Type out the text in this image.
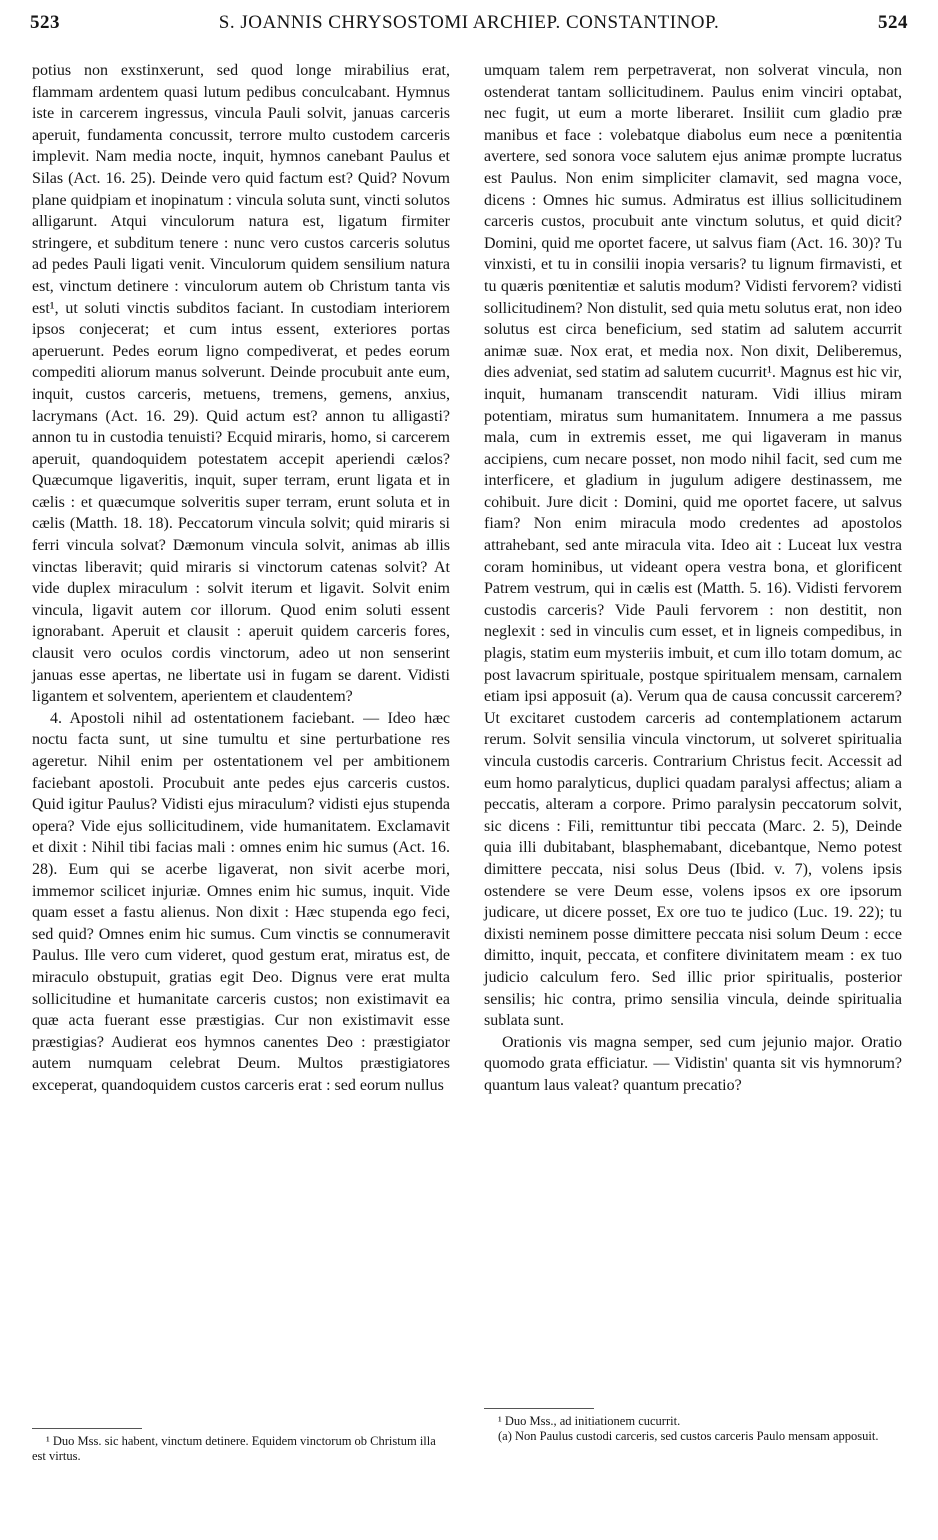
523	S. JOANNIS CHRYSOSTOMI ARCHIEP. CONSTANTINOP.	524

potius non exstinxerunt, sed quod longe mirabilius erat, flammam ardentem quasi lutum pedibus conculcabant. Hymnus iste in carcerem ingressus, vincula Pauli solvit, januas carceris aperuit, fundamenta concussit, terrore multo custodem carceris implevit. Nam media nocte, inquit, hymnos canebant Paulus et Silas (Act. 16. 25). Deinde vero quid factum est? Quid? Novum plane quidpiam et inopinatum : vincula soluta sunt, vincti solutos alligarunt. Atqui vinculorum natura est, ligatum firmiter stringere, et subditum tenere : nunc vero custos carceris solutus ad pedes Pauli ligati venit. Vinculorum quidem sensilium natura est, vinctum detinere : vinculorum autem ob Christum tanta vis est¹, ut soluti vinctis subditos faciant. In custodiam interiorem ipsos conjecerat; et cum intus essent, exteriores portas aperuerunt. Pedes eorum ligno compediverat, et pedes eorum compediti aliorum manus solverunt. Deinde procubuit ante eum, inquit, custos carceris, metuens, tremens, gemens, anxius, lacrymans (Act. 16. 29). Quid actum est? annon tu alligasti? annon tu in custodia tenuisti? Ecquid miraris, homo, si carcerem aperuit, quandoquidem potestatem accepit aperiendi cælos? Quæcumque ligaveritis, inquit, super terram, erunt ligata et in cælis : et quæcumque solveritis super terram, erunt soluta et in cælis (Matth. 18. 18). Peccatorum vincula solvit; quid miraris si ferri vincula solvat? Dæmonum vincula solvit, animas ab illis vinctas liberavit; quid miraris si vinctorum catenas solvit? At vide duplex miraculum : solvit iterum et ligavit. Solvit enim vincula, ligavit autem cor illorum. Quod enim soluti essent ignorabant. Aperuit et clausit : aperuit quidem carceris fores, clausit vero oculos cordis vinctorum, adeo ut non senserint januas esse apertas, ne libertate usi in fugam se darent. Vidisti ligantem et solventem, aperientem et claudentem?

4. Apostoli nihil ad ostentationem faciebant. — Ideo hæc noctu facta sunt, ut sine tumultu et sine perturbatione res ageretur. Nihil enim per ostentationem vel per ambitionem faciebant apostoli. Procubuit ante pedes ejus carceris custos. Quid igitur Paulus? Vidisti ejus miraculum? vidisti ejus stupenda opera? Vide ejus sollicitudinem, vide humanitatem. Exclamavit et dixit : Nihil tibi facias mali : omnes enim hic sumus (Act. 16. 28). Eum qui se acerbe ligaverat, non sivit acerbe mori, immemor scilicet injuriæ. Omnes enim hic sumus, inquit. Vide quam esset a fastu alienus. Non dixit : Hæc stupenda ego feci, sed quid? Omnes enim hic sumus. Cum vinctis se connumeravit Paulus. Ille vero cum videret, quod gestum erat, miratus est, de miraculo obstupuit, gratias egit Deo. Dignus vere erat multa sollicitudine et humanitate carceris custos; non existimavit ea quæ acta fuerant esse præstigias. Cur non existimavit esse præstigias? Audierat eos hymnos canentes Deo : præstigiator autem numquam celebrat Deum. Multos præstigiatores exceperat, quandoquidem custos carceris erat : sed eorum nullus

umquam talem rem perpetraverat, non solverat vincula, non ostenderat tantam sollicitudinem. Paulus enim vinciri optabat, nec fugit, ut eum a morte liberaret. Insiliit cum gladio præ manibus et face : volebatque diabolus eum nece a pœnitentia avertere, sed sonora voce salutem ejus animæ prompte lucratus est Paulus. Non enim simpliciter clamavit, sed magna voce, dicens : Omnes hic sumus. Admiratus est illius sollicitudinem carceris custos, procubuit ante vinctum solutus, et quid dicit? Domini, quid me oportet facere, ut salvus fiam (Act. 16. 30)? Tu vinxisti, et tu in consilii inopia versaris? tu lignum firmavisti, et tu quæris pœnitentiæ et salutis modum? Vidisti fervorem? vidisti sollicitudinem? Non distulit, sed quia metu solutus erat, non ideo solutus est circa beneficium, sed statim ad salutem accurrit animæ suæ. Nox erat, et media nox. Non dixit, Deliberemus, dies adveniat, sed statim ad salutem cucurrit¹. Magnus est hic vir, inquit, humanam transcendit naturam. Vidi illius miram potentiam, miratus sum humanitatem. Innumera a me passus mala, cum in extremis esset, me qui ligaveram in manus accipiens, cum necare posset, non modo nihil facit, sed cum me interficere, et gladium in jugulum adigere destinassem, me cohibuit. Jure dicit : Domini, quid me oportet facere, ut salvus fiam? Non enim miracula modo credentes ad apostolos attrahebant, sed ante miracula vita. Ideo ait : Luceat lux vestra coram hominibus, ut videant opera vestra bona, et glorificent Patrem vestrum, qui in cælis est (Matth. 5. 16). Vidisti fervorem custodis carceris? Vide Pauli fervorem : non destitit, non neglexit : sed in vinculis cum esset, et in ligneis compedibus, in plagis, statim eum mysteriis imbuit, et cum illo totam domum, ac post lavacrum spirituale, postque spiritualem mensam, carnalem etiam ipsi apposuit (a). Verum qua de causa concussit carcerem? Ut excitaret custodem carceris ad contemplationem actarum rerum. Solvit sensilia vincula vinctorum, ut solveret spiritualia vincula custodis carceris. Contrarium Christus fecit. Accessit ad eum homo paralyticus, duplici quadam paralysi affectus; aliam a peccatis, alteram a corpore. Primo paralysin peccatorum solvit, sic dicens : Fili, remittuntur tibi peccata (Marc. 2. 5), Deinde quia illi dubitabant, blasphemabant, dicebantque, Nemo potest dimittere peccata, nisi solus Deus (Ibid. v. 7), volens ipsis ostendere se vere Deum esse, volens ipsos ex ore ipsorum judicare, ut dicere posset, Ex ore tuo te judico (Luc. 19. 22); tu dixisti neminem posse dimittere peccata nisi solum Deum : ecce dimitto, inquit, peccata, et confitere divinitatem meam : ex tuo judicio calculum fero. Sed illic prior spiritualis, posterior sensilis; hic contra, primo sensilia vincula, deinde spiritualia sublata sunt.

Orationis vis magna semper, sed cum jejunio major. Oratio quomodo grata efficiatur. — Vidistin' quanta sit vis hymnorum? quantum laus valeat? quantum precatio?

¹ Duo Mss. sic habent, vinctum detinere. Equidem vinctorum ob Christum illa est virtus.

¹ Duo Mss., ad initiationem cucurrit.

(a) Non Paulus custodi carceris, sed custos carceris Paulo mensam apposuit.
